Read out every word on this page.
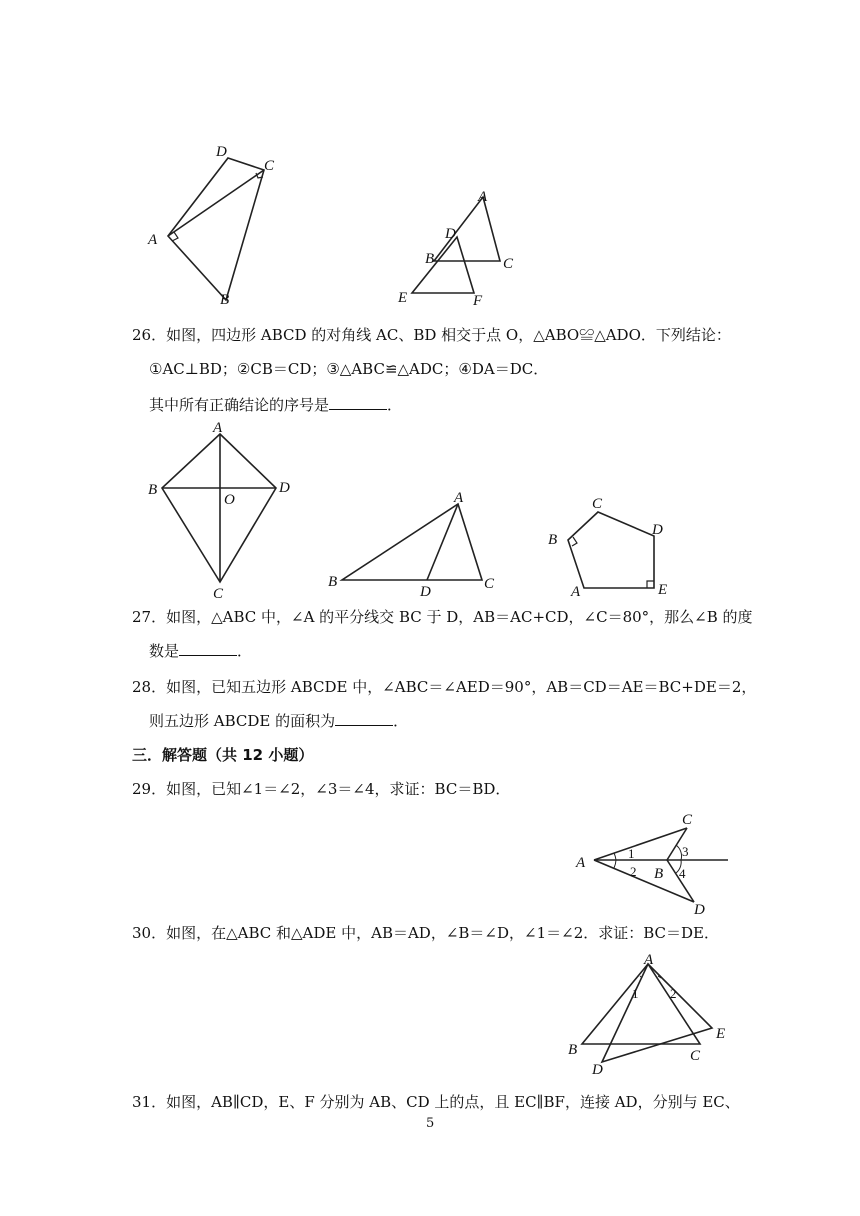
D
C
A
B
A
D
B	C
E	F
26．如图，四边形 ABCD 的对角线 AC、BD 相交于点 O，△ABO≌△ADO．下列结论：
①AC⊥BD；②CB＝CD；③△ABC≌△ADC；④DA＝DC．
其中所有正确结论的序号是	．
A
B
O
D
C
A
B
D	C
C
D
B
A	E
27．如图，△ABC 中，∠A 的平分线交 BC 于 D，AB＝AC+CD，∠C＝80°，那么∠B 的度
数是	．
28．如图，已知五边形 ABCDE 中，∠ABC＝∠AED＝90°，AB＝CD＝AE＝BC+DE＝2，
则五边形 ABCDE 的面积为	．
三．解答题（共 12 小题）
29．如图，已知∠1＝∠2，∠3＝∠4，求证：BC＝BD．
C
A
B
D
1
2
3
4
30．如图，在△ABC 和△ADE 中，AB＝AD，∠B＝∠D，∠1＝∠2．求证：BC＝DE．
A
E
B	C
D
1 2
31．如图，AB∥CD，E、F 分别为 AB、CD 上的点，且 EC∥BF，连接 AD，分别与 EC、
5
